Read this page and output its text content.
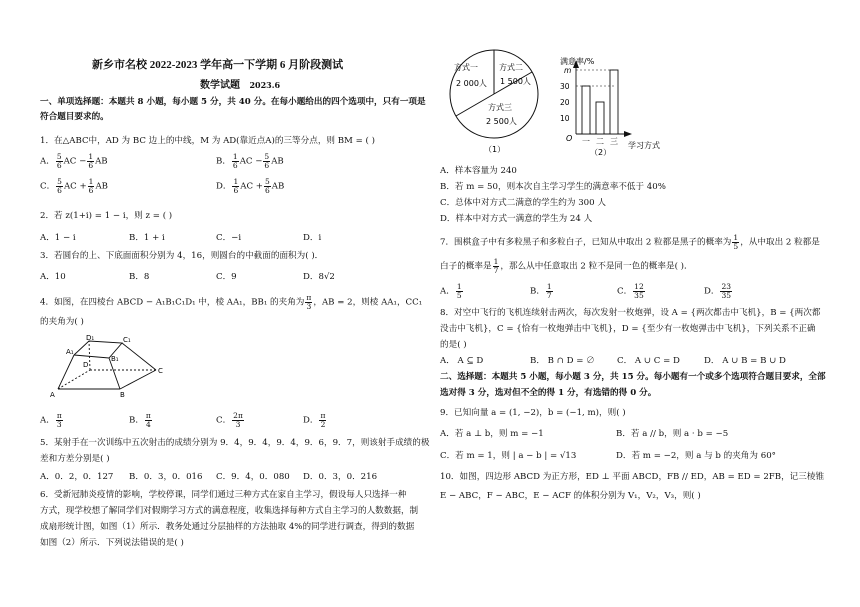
新乡市名校 2022-2023 学年高一下学期 6 月阶段测试
数学试题 2023.6
一、单项选择题：本题共 8 小题，每小题 5 分，共 40 分。在每小题给出的四个选项中，只有一项是
符合题目要求的。
1．在△ABC中，AD 为 BC 边上的中线，M 为 AD(靠近点A)的三等分点，则 BM = ( )
A． $\frac{5}{6}$ AC − $\frac{1}{6}$ AB	B． $\frac{1}{6}$ AC − $\frac{5}{6}$ AB
C． $\frac{5}{6}$ AC + $\frac{1}{6}$ AB	D． $\frac{1}{6}$ AC + $\frac{5}{6}$ AB
2．若 z(1+i) = 1 − i，则 z = ( )
A．1 − i	B．1 + i	C．−i	D．i
3．若圆台的上、下底面面积分别为 4，16，则圆台的中截面的面积为( )．
A．10	B．8	C．9	D．8√2
4．如图，在四棱台 ABCD − A₁B₁C₁D₁ 中，棱 AA₁，BB₁ 的夹角为 $\frac{\pi}{3}$ ，AB = 2，则棱 AA₁，CC₁
的夹角为( )
A	B
C
D
A₁
B₁
C₁
D₁
A． $\frac{\pi}{3}$	B． $\frac{\pi}{4}$	C． $\frac{2\pi}{3}$	D． $\frac{\pi}{2}$
5．某射手在一次训练中五次射击的成绩分别为 9．4，9．4，9．4，9．6，9．7，则该射手成绩的极
差和方差分别是( )
A．0．2，0．127 B．0．3，0．016 C．9．4，0．080 D．0．3，0．216
6．受新冠肺炎疫情的影响，学校停课，同学们通过三种方式在家自主学习，假设每人只选择一种
方式，现学校想了解同学们对假期学习方式的满意程度，收集选择每种方式自主学习的人数数据，制
成扇形统计图，如图（1）所示．教务处通过分层抽样的方法抽取 4%的同学进行调查，得到的数据
如图（2）所示．下列说法错误的是( )
方式一
2 000人
方式二
1 500人
方式三
2 500人
（1）
一 二 三
10
20
30
m
满意率/%
O
学习方式
（2）
A．样本容量为 240
B．若 m = 50，则本次自主学习学生的满意率不低于 40%
C．总体中对方式二满意的学生约为 300 人
D．样本中对方式一满意的学生为 24 人
7．围棋盒子中有多粒黑子和多粒白子，已知从中取出 2 粒都是黑子的概率为 $\frac{1}{5}$ ，从中取出 2 粒都是
白子的概率是 $\frac{1}{7}$ ，那么从中任意取出 2 粒不是同一色的概率是( )．
A． $\frac{1}{5}$	B． $\frac{1}{7}$	C． $\frac{12}{35}$	D． $\frac{23}{35}$
8．对空中飞行的飞机连续射击两次，每次发射一枚炮弹，设 A = {两次都击中飞机}，B = {两次都
没击中飞机}，C = {恰有一枚炮弹击中飞机}，D = {至少有一枚炮弹击中飞机}，下列关系不正确
的是( )
A． A ⊆ D	B． B ∩ D = ∅	C． A ∪ C = D	D． A ∪ B = B ∪ D
二、选择题：本题共 5 小题，每小题 3 分，共 15 分。每小题有一个或多个选项符合题目要求，全部
选对得 3 分，选对但不全的得 1 分，有选错的得 0 分。
9．已知向量 a = (1, −2)，b = (−1, m)，则( )
A．若 a ⊥ b，则 m = −1	B．若 a // b，则 a · b = −5
C．若 m = 1，则 | a − b | = √13	D．若 m = −2，则 a 与 b 的夹角为 60°
10．如图，四边形 ABCD 为正方形，ED ⊥ 平面 ABCD，FB // ED，AB = ED = 2FB，记三棱锥
E − ABC，F − ABC，E − ACF 的体积分别为 V₁，V₂，V₃，则( )
